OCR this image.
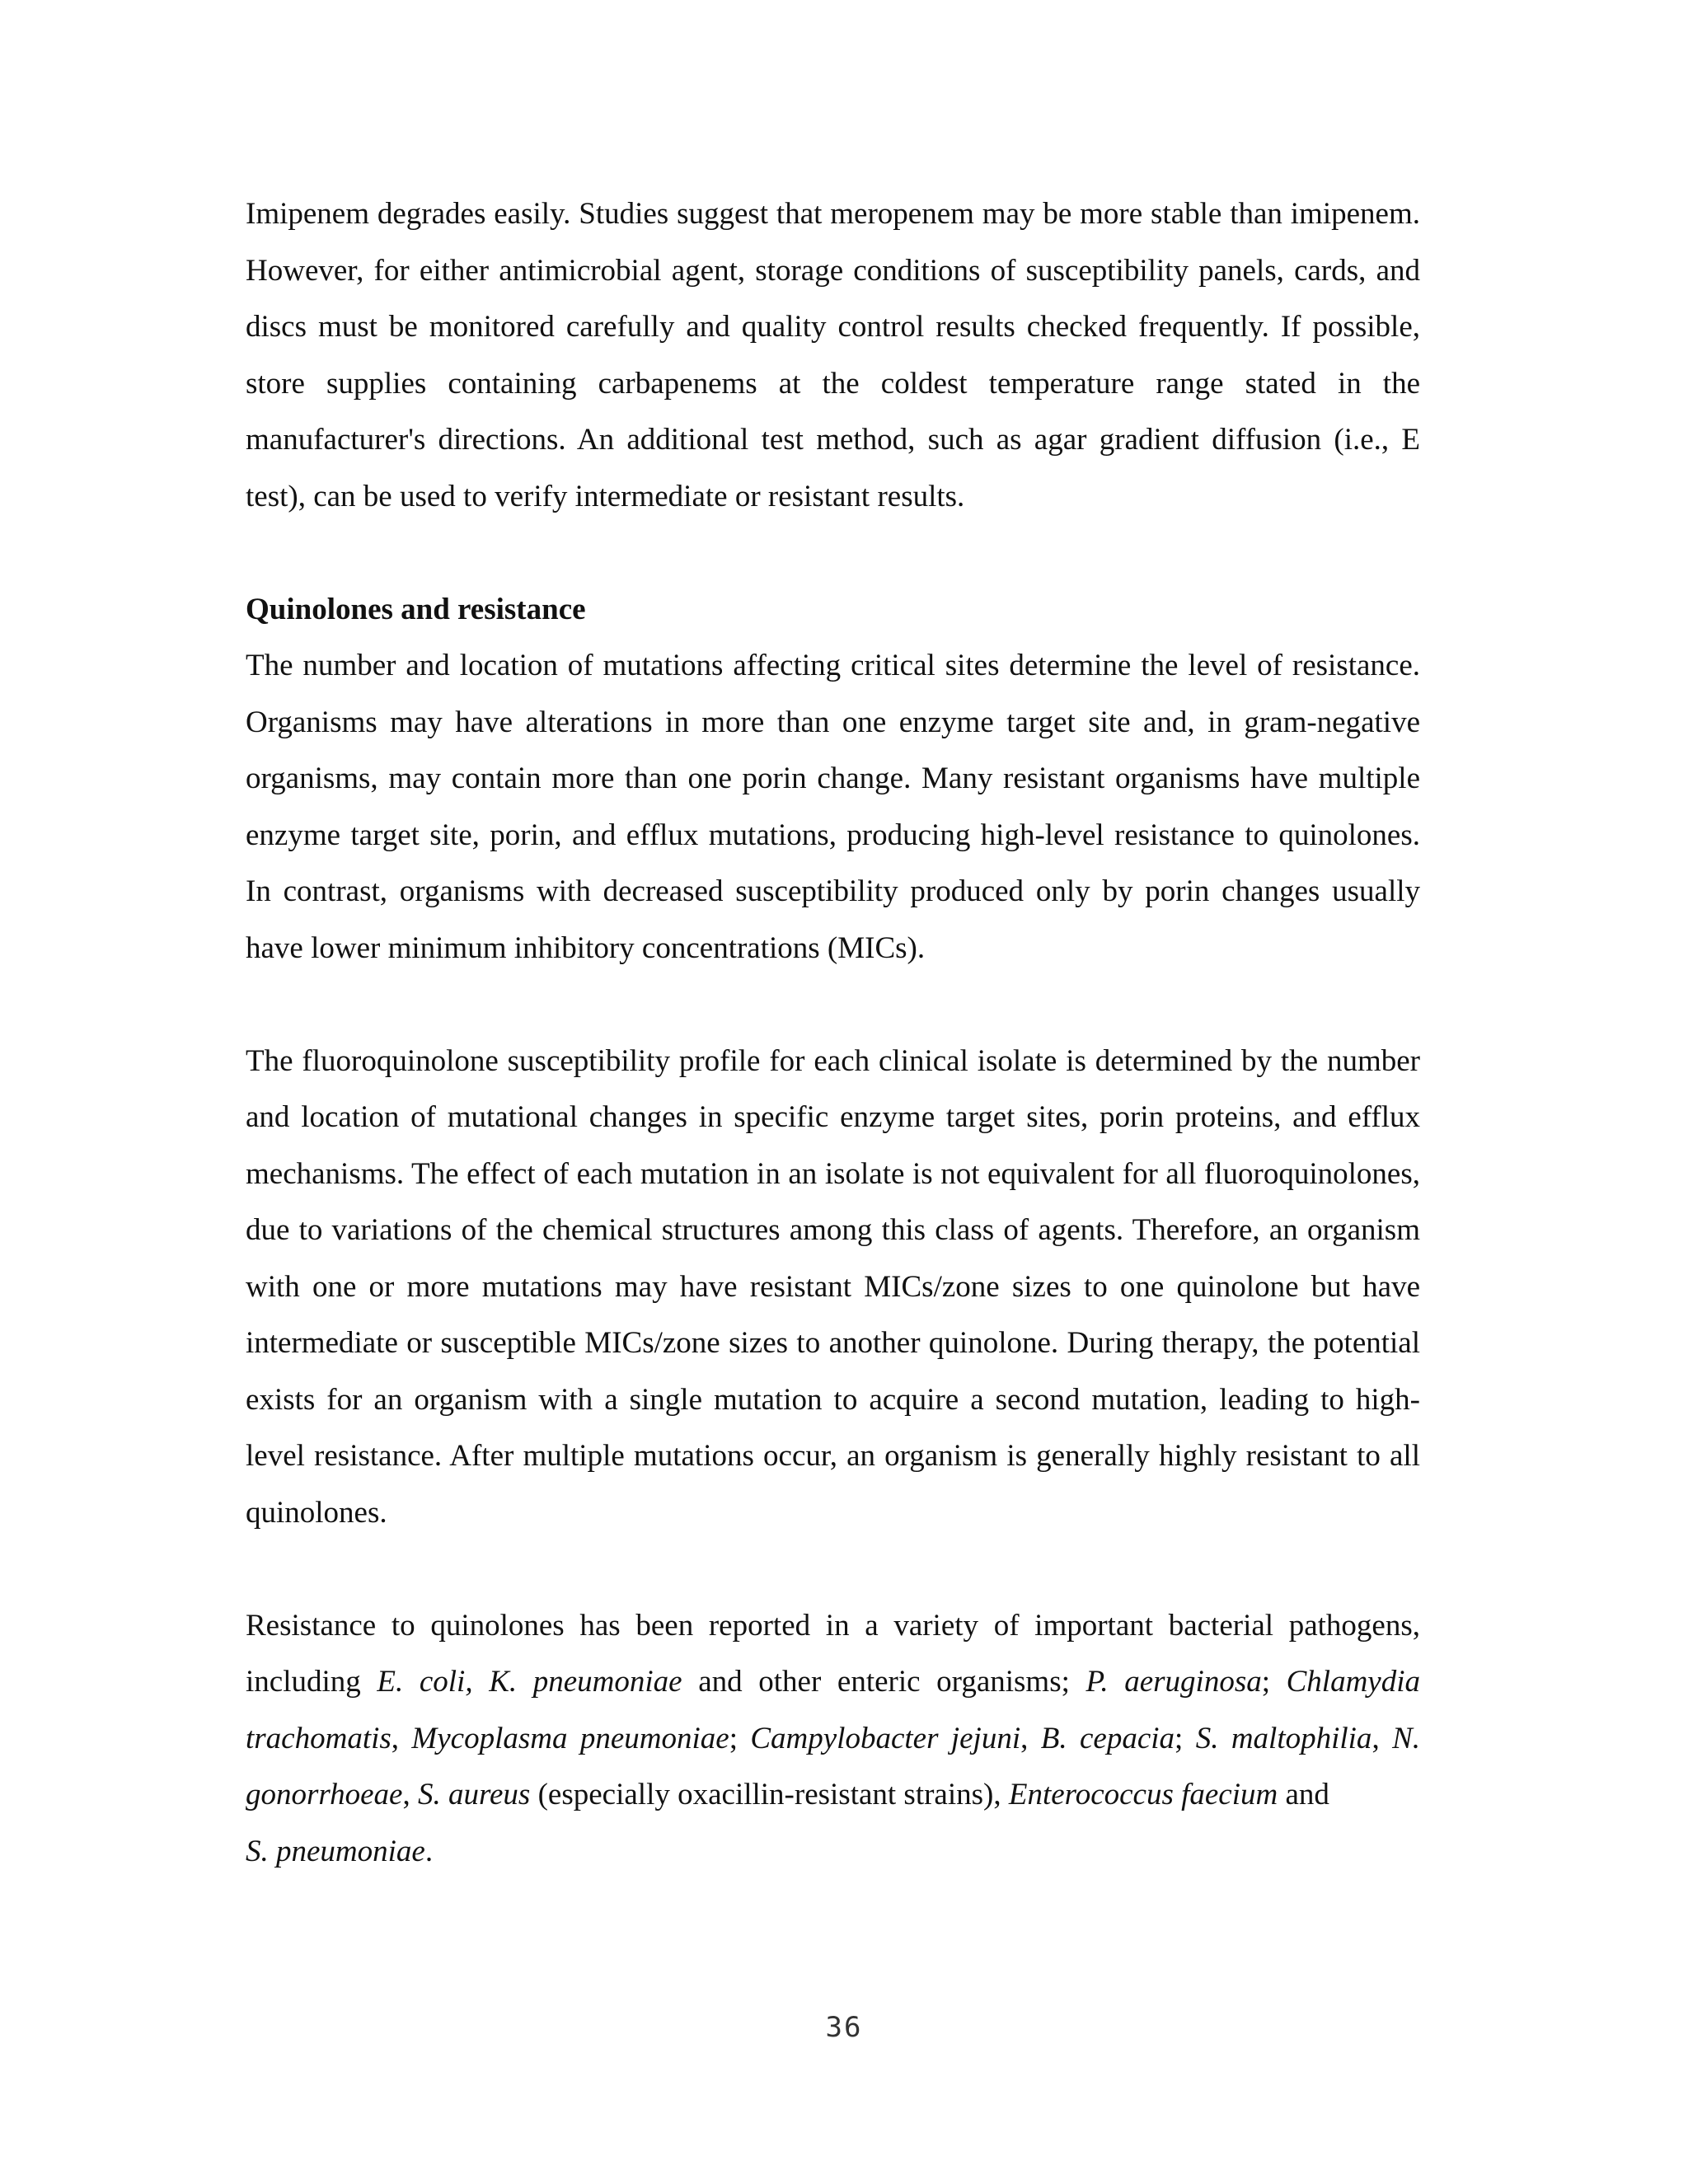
Imipenem degrades easily. Studies suggest that meropenem may be more stable than imipenem. However, for either antimicrobial agent, storage conditions of susceptibility panels, cards, and discs must be monitored carefully and quality control results checked frequently. If possible, store supplies containing carbapenems at the coldest temperature range stated in the manufacturer's directions. An additional test method, such as agar gradient diffusion (i.e., E test), can be used to verify intermediate or resistant results.

Quinolones and resistance

The number and location of mutations affecting critical sites determine the level of resistance. Organisms may have alterations in more than one enzyme target site and, in gram-negative organisms, may contain more than one porin change. Many resistant organisms have multiple enzyme target site, porin, and efflux mutations, producing high-level resistance to quinolones. In contrast, organisms with decreased susceptibility produced only by porin changes usually have lower minimum inhibitory concentrations (MICs).

The fluoroquinolone susceptibility profile for each clinical isolate is determined by the number and location of mutational changes in specific enzyme target sites, porin proteins, and efflux mechanisms. The effect of each mutation in an isolate is not equivalent for all fluoroquinolones, due to variations of the chemical structures among this class of agents. Therefore, an organism with one or more mutations may have resistant MICs/zone sizes to one quinolone but have intermediate or susceptible MICs/zone sizes to another quinolone. During therapy, the potential exists for an organism with a single mutation to acquire a second mutation, leading to high-level resistance. After multiple mutations occur, an organism is generally highly resistant to all quinolones.

Resistance to quinolones has been reported in a variety of important bacterial pathogens, including E. coli, K. pneumoniae and other enteric organisms; P. aeruginosa; Chlamydia trachomatis, Mycoplasma pneumoniae; Campylobacter jejuni, B. cepacia; S. maltophilia, N. gonorrhoeae, S. aureus (especially oxacillin-resistant strains), Enterococcus faecium and
S. pneumoniae.

36
